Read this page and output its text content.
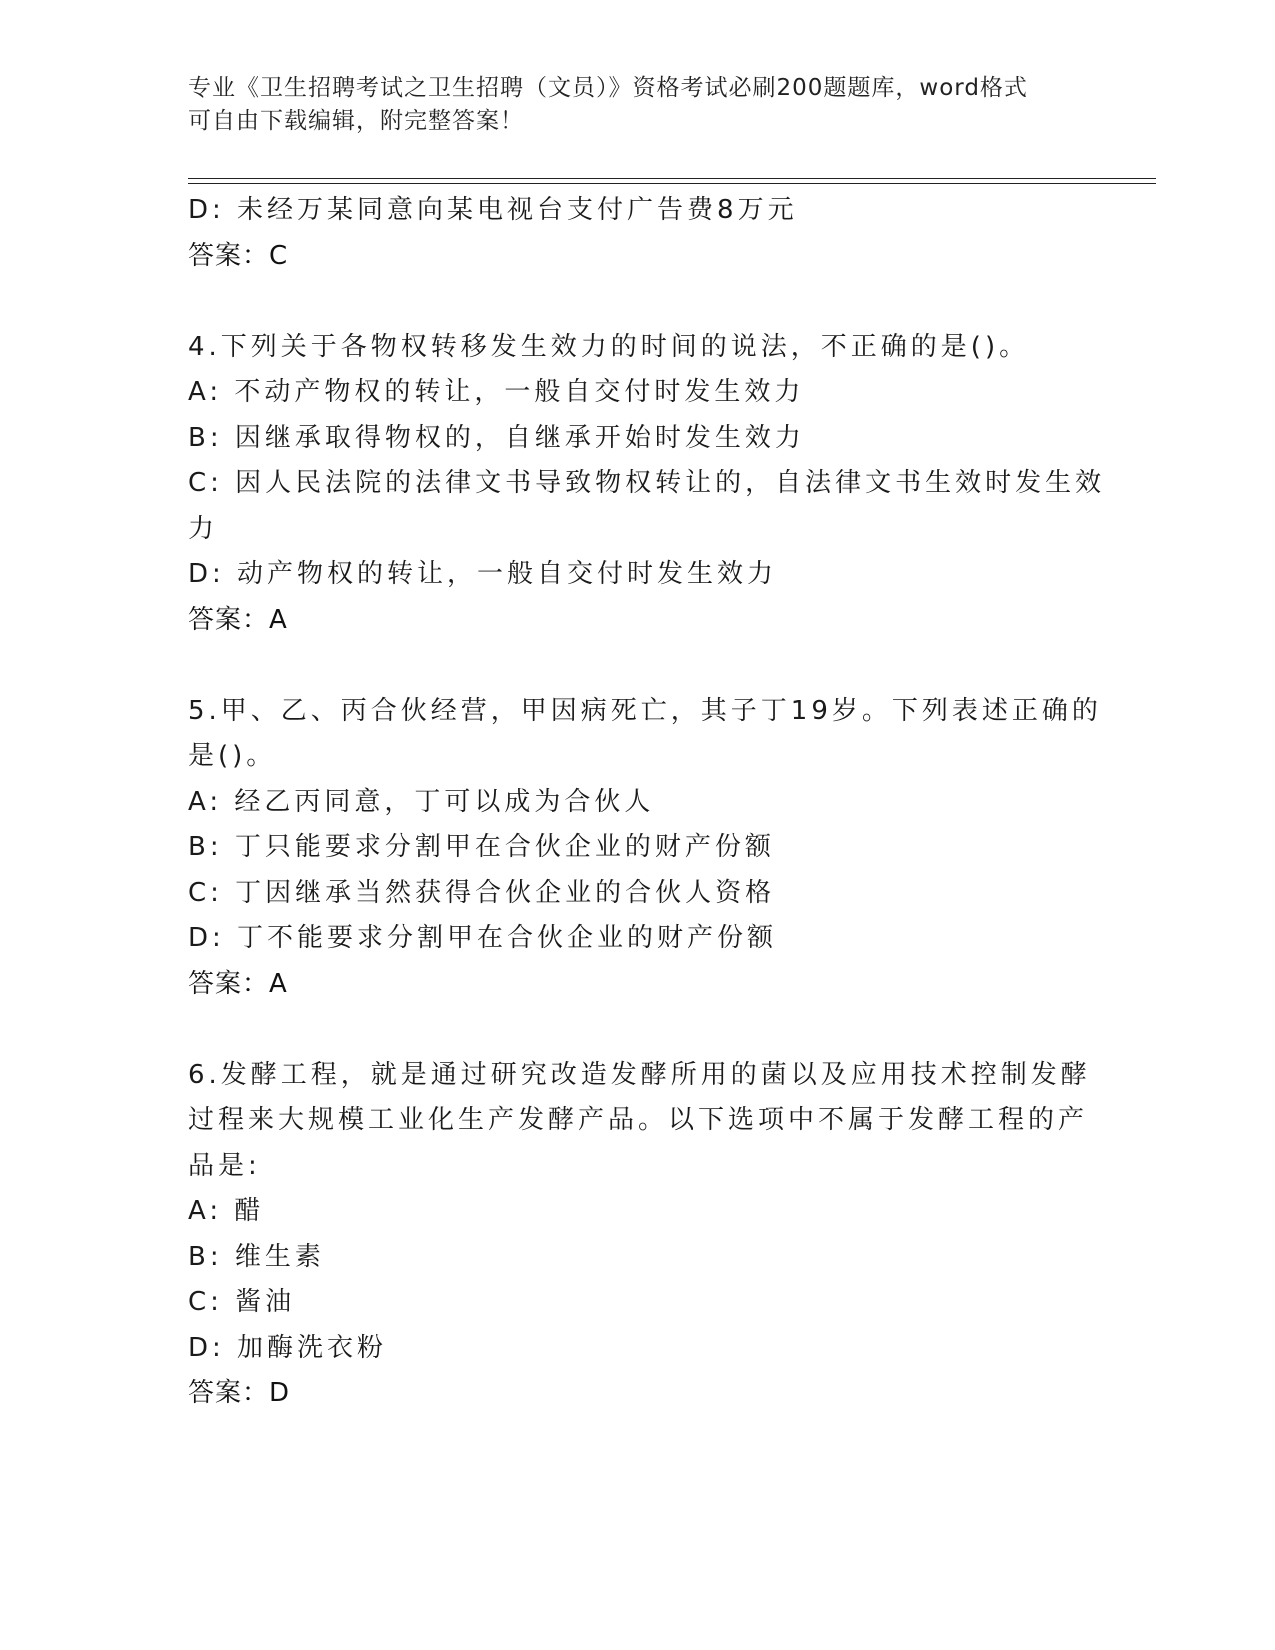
专业《卫生招聘考试之卫生招聘（文员）》资格考试必刷200题题库，word格式
可自由下载编辑，附完整答案！
D: 未经万某同意向某电视台支付广告费8万元
答案：C
4.下列关于各物权转移发生效力的时间的说法，不正确的是()。
A: 不动产物权的转让，一般自交付时发生效力
B: 因继承取得物权的，自继承开始时发生效力
C: 因人民法院的法律文书导致物权转让的，自法律文书生效时发生效
力
D: 动产物权的转让，一般自交付时发生效力
答案：A
5.甲、乙、丙合伙经营，甲因病死亡，其子丁19岁。下列表述正确的
是()。
A: 经乙丙同意，丁可以成为合伙人
B: 丁只能要求分割甲在合伙企业的财产份额
C: 丁因继承当然获得合伙企业的合伙人资格
D: 丁不能要求分割甲在合伙企业的财产份额
答案：A
6.发酵工程，就是通过研究改造发酵所用的菌以及应用技术控制发酵
过程来大规模工业化生产发酵产品。以下选项中不属于发酵工程的产
品是:
A: 醋
B: 维生素
C: 酱油
D: 加酶洗衣粉
答案：D
